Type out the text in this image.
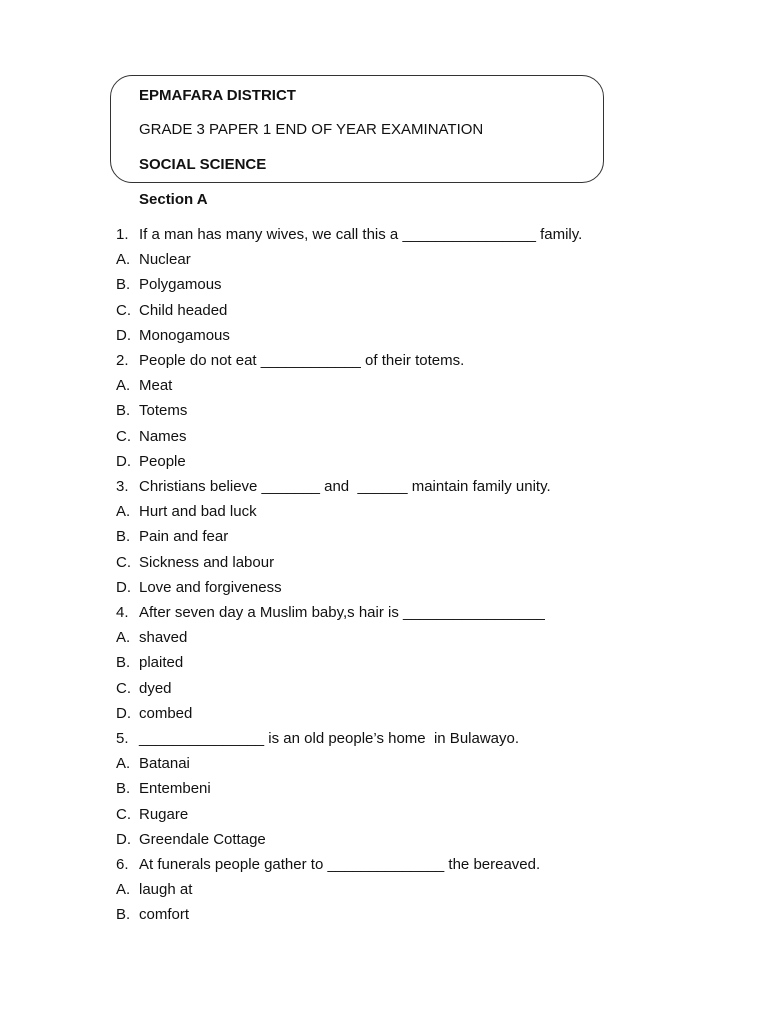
EPMAFARA DISTRICT
GRADE 3 PAPER 1 END OF YEAR EXAMINATION
SOCIAL SCIENCE
Section A
1. If a man has many wives, we call this a ________________ family.
A. Nuclear
B. Polygamous
C. Child headed
D. Monogamous
2. People do not eat ____________ of their totems.
A. Meat
B. Totems
C. Names
D. People
3. Christians believe _______ and  ______ maintain family unity.
A. Hurt and bad luck
B. Pain and fear
C. Sickness and labour
D. Love and forgiveness
4. After seven day a Muslim baby,s hair is _________________
A. shaved
B. plaited
C. dyed
D. combed
5. _______________ is an old people’s home  in Bulawayo.
A. Batanai
B. Entembeni
C. Rugare
D. Greendale Cottage
6. At funerals people gather to ______________ the bereaved.
A. laugh at
B. comfort
